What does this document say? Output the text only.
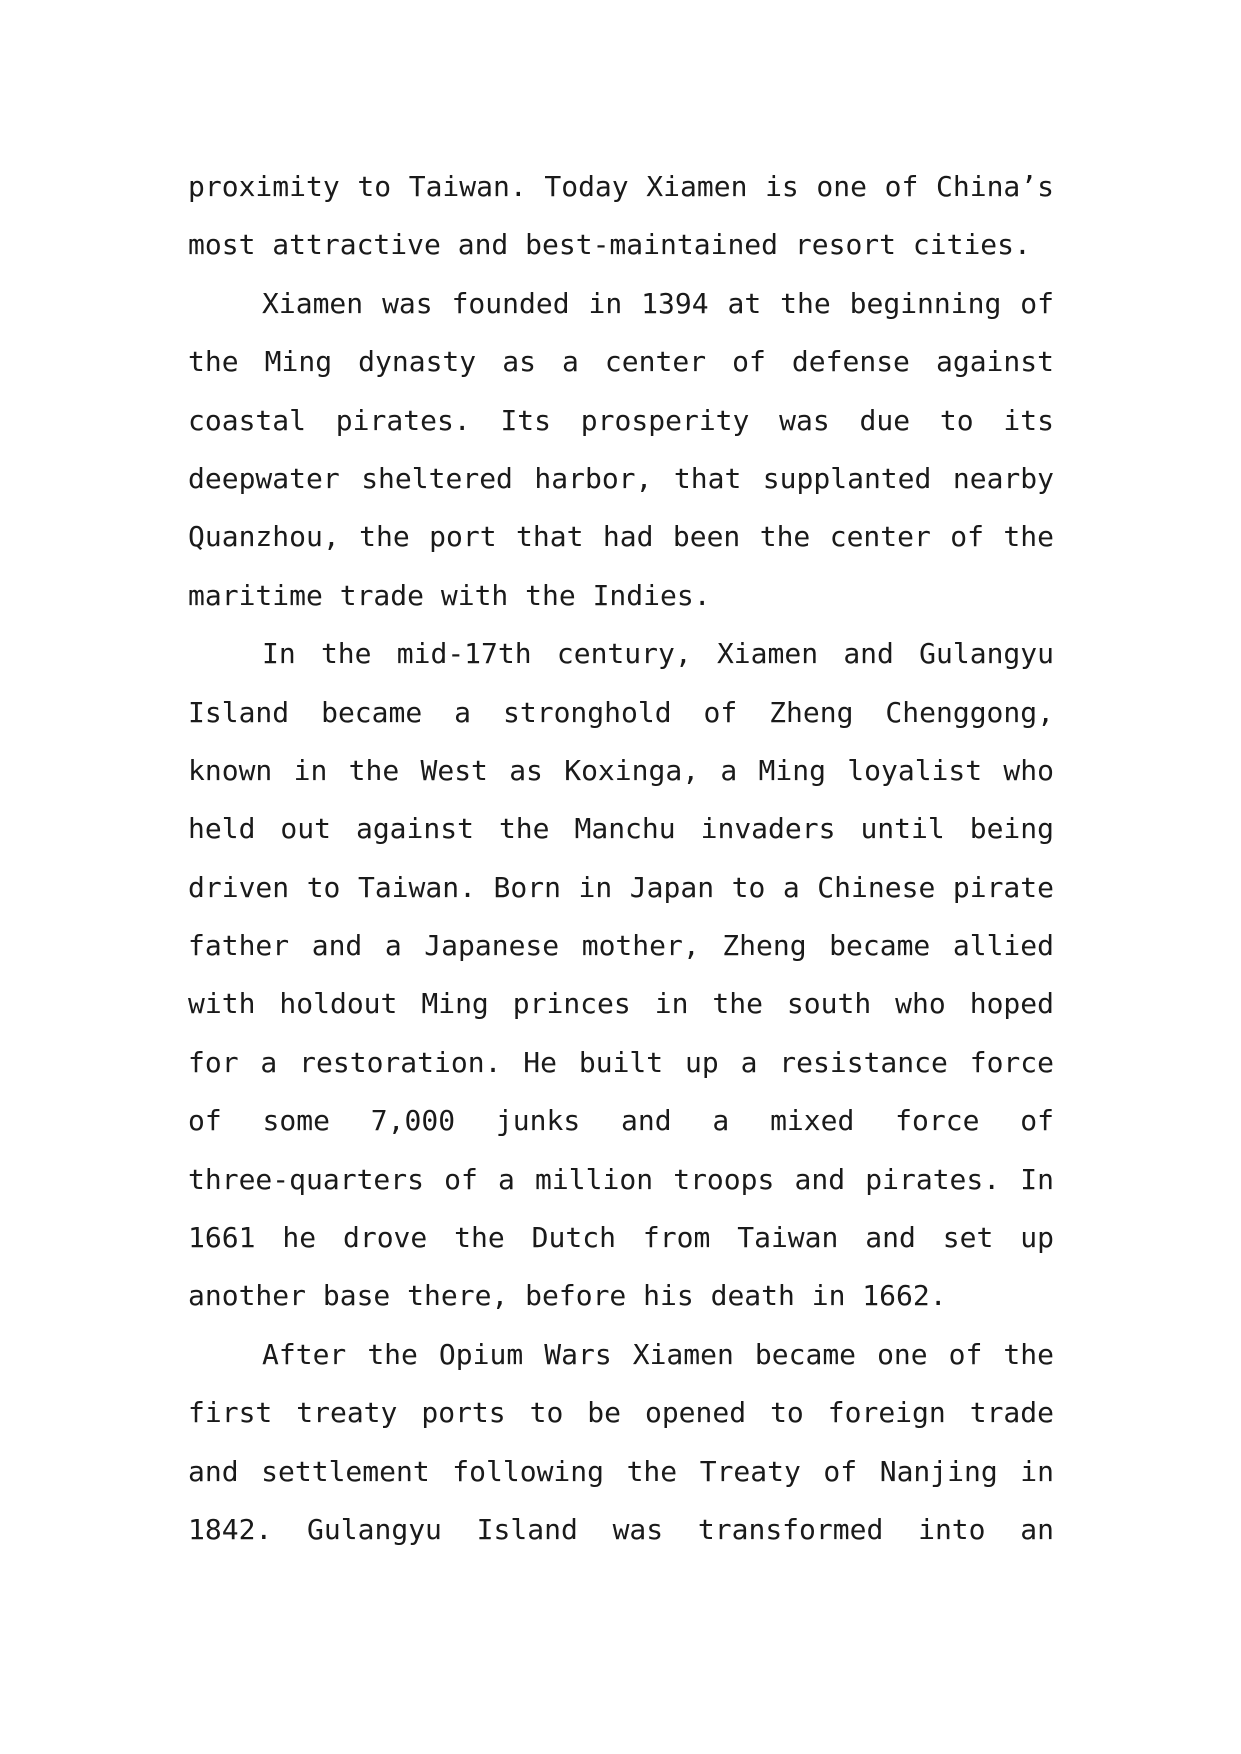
proximity to Taiwan. Today Xiamen is one of China’s
most attractive and best-maintained resort cities.
Xiamen was founded in 1394 at the beginning of
the Ming dynasty as a center of defense against
coastal pirates. Its prosperity was due to its
deepwater sheltered harbor, that supplanted nearby
Quanzhou, the port that had been the center of the
maritime trade with the Indies.
In the mid-17th century, Xiamen and Gulangyu
Island became a stronghold of Zheng Chenggong,
known in the West as Koxinga, a Ming loyalist who
held out against the Manchu invaders until being
driven to Taiwan. Born in Japan to a Chinese pirate
father and a Japanese mother, Zheng became allied
with holdout Ming princes in the south who hoped
for a restoration. He built up a resistance force
of some 7,000 junks and a mixed force of
three-quarters of a million troops and pirates. In
1661 he drove the Dutch from Taiwan and set up
another base there, before his death in 1662.
After the Opium Wars Xiamen became one of the
first treaty ports to be opened to foreign trade
and settlement following the Treaty of Nanjing in
1842. Gulangyu Island was transformed into an
